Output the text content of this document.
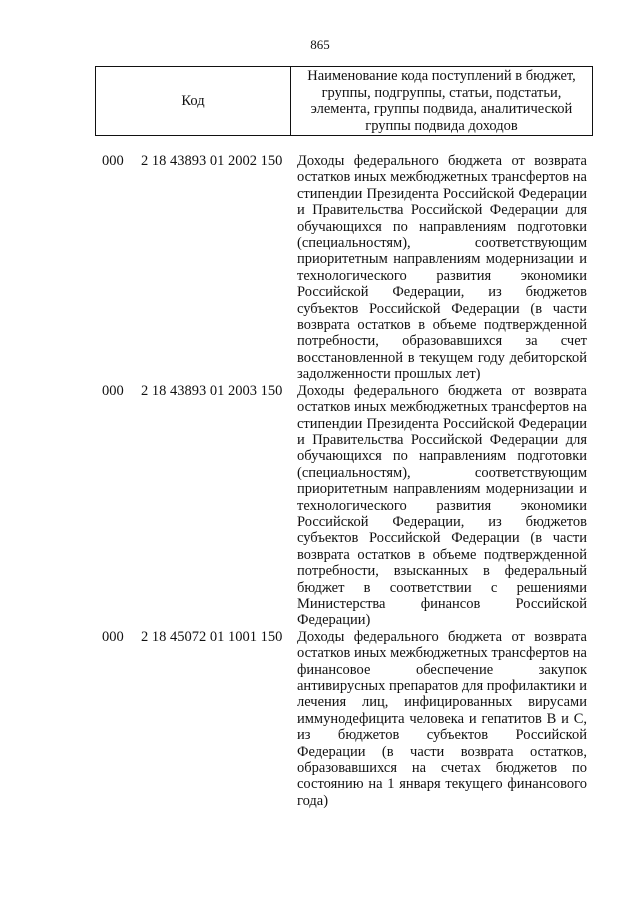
865
Код
Наименование кода поступлений в бюджет,
группы, подгруппы, статьи, подстатьи,
элемента, группы подвида, аналитической
группы подвида доходов
000 2 18 43893 01 2002 150 Доходы федерального бюджета от возврата
остатков иных межбюджетных трансфертов на
стипендии Президента Российской Федерации
и Правительства Российской Федерации для
обучающихся по направлениям подготовки
(специальностям), соответствующим
приоритетным направлениям модернизации и
технологического развития экономики
Российской Федерации, из бюджетов
субъектов Российской Федерации (в части
возврата остатков в объеме подтвержденной
потребности, образовавшихся за счет
восстановленной в текущем году дебиторской
задолженности прошлых лет)
000 2 18 43893 01 2003 150 Доходы федерального бюджета от возврата
остатков иных межбюджетных трансфертов на
стипендии Президента Российской Федерации
и Правительства Российской Федерации для
обучающихся по направлениям подготовки
(специальностям), соответствующим
приоритетным направлениям модернизации и
технологического развития экономики
Российской Федерации, из бюджетов
субъектов Российской Федерации (в части
возврата остатков в объеме подтвержденной
потребности, взысканных в федеральный
бюджет в соответствии с решениями
Министерства финансов Российской
Федерации)
000 2 18 45072 01 1001 150 Доходы федерального бюджета от возврата
остатков иных межбюджетных трансфертов на
финансовое обеспечение закупок
антивирусных препаратов для профилактики и
лечения лиц, инфицированных вирусами
иммунодефицита человека и гепатитов B и C,
из бюджетов субъектов Российской
Федерации (в части возврата остатков,
образовавшихся на счетах бюджетов по
состоянию на 1 января текущего финансового
года)
